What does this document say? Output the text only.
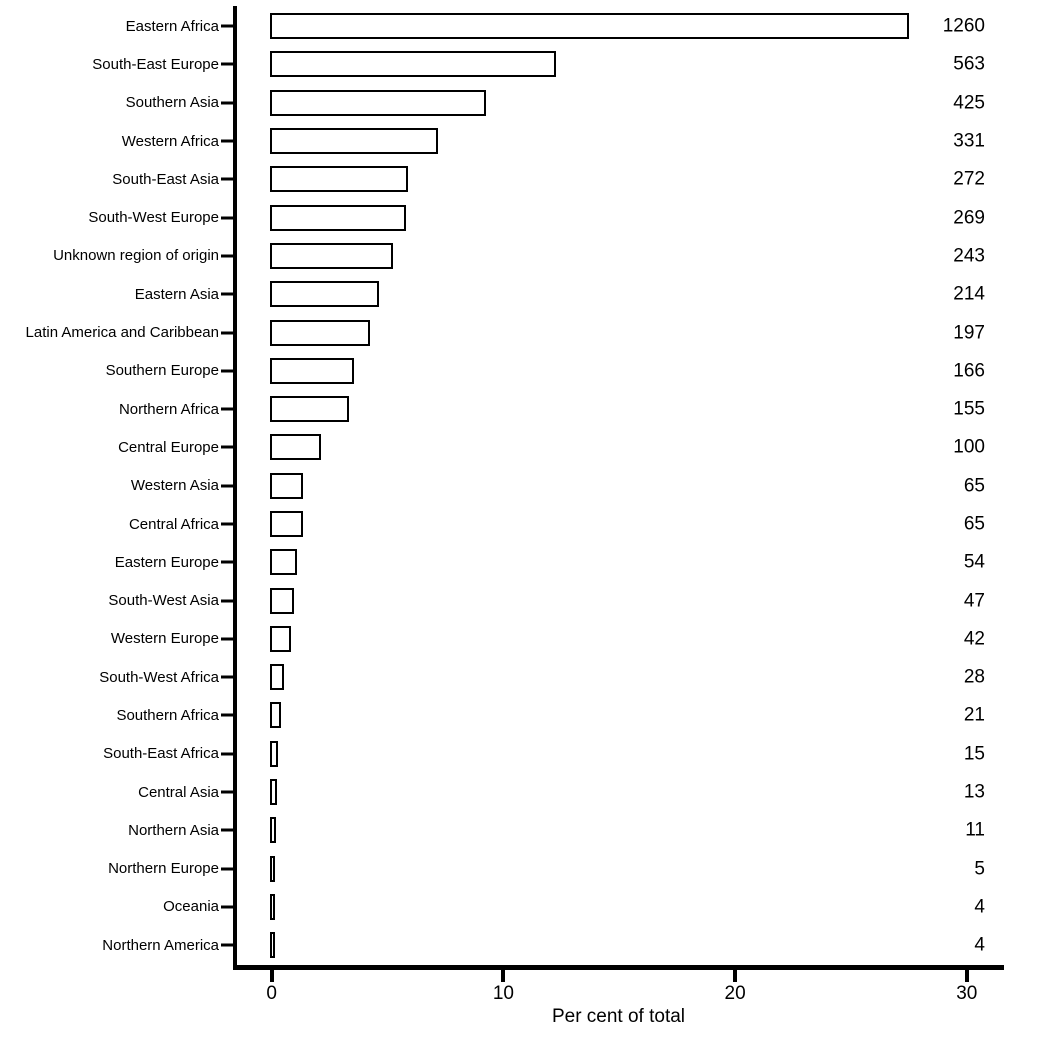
Eastern Africa	1260
South-East Europe	563
Southern Asia	425
Western Africa	331
South-East Asia	272
South-West Europe	269
Unknown region of origin	243
Eastern Asia	214
Latin America and Caribbean	197
Southern Europe	166
Northern Africa	155
Central Europe	100
Western Asia	65
Central Africa	65
Eastern Europe	54
South-West Asia	47
Western Europe	42
South-West Africa	28
Southern Africa	21
South-East Africa	15
Central Asia	13
Northern Asia	11
Northern Europe	5
Oceania	4
Northern America	4
0	10	20	30
Per cent of total
